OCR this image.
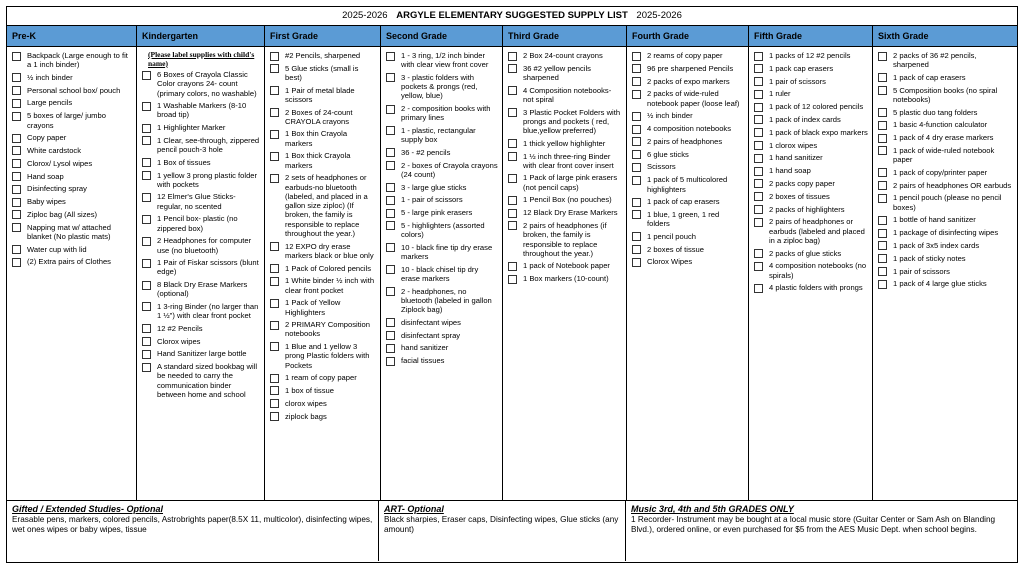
2025-2026 ARGYLE ELEMENTARY SUGGESTED SUPPLY LIST 2025-2026
Pre-K
Backpack (Large enough to fit a 1 inch binder)
½ inch binder
Personal school box/ pouch
Large pencils
5 boxes of large/ jumbo crayons
Copy paper
White cardstock
Clorox/ Lysol wipes
Hand soap
Disinfecting spray
Baby wipes
Ziploc bag (All sizes)
Napping mat w/ attached blanket (No plastic mats)
Water cup with lid
(2) Extra pairs of Clothes
Kindergarten
(Please label supplies with child's name)
6 Boxes of Crayola Classic Color crayons 24- count (primary colors, no washable)
1 Washable Markers (8-10 broad tip)
1 Highlighter Marker
1 Clear, see-through, zippered pencil pouch-3 hole
1 Box of tissues
1 yellow 3 prong plastic folder with pockets
12 Elmer's Glue Sticks-regular, no scented
1 Pencil box- plastic (no zippered box)
2 Headphones for computer use (no bluetooth)
1 Pair of Fiskar scissors (blunt edge)
8 Black Dry Erase Markers (optional)
1 3-ring Binder (no larger than 1 ½") with clear front pocket
12 #2 Pencils
Clorox wipes
Hand Sanitizer large bottle
A standard sized bookbag will be needed to carry the communication binder between home and school
First Grade
#2 Pencils, sharpened
5 Glue sticks (small is best)
1 Pair of metal blade scissors
2 Boxes of 24-count CRAYOLA crayons
1 Box thin Crayola markers
1 Box thick Crayola markers
2 sets of headphones or earbuds-no bluetooth (labeled, and placed in a gallon size ziploc) (If broken, the family is responsible to replace throughout the year.)
12 EXPO dry erase markers black or blue only
1 Pack of Colored pencils
1 White binder ½ inch with clear front pocket
1 Pack of Yellow Highlighters
2 PRIMARY Composition notebooks
1 Blue and 1 yellow 3 prong Plastic folders with Pockets
1 ream of copy paper
1 box of tissue
clorox wipes
ziplock bags
Second Grade
1 - 3 ring, 1/2 inch binder with clear view front cover
3 - plastic folders with pockets & prongs (red, yellow, blue)
2 - composition books with primary lines
1 - plastic, rectangular supply box
36 - #2 pencils
2 - boxes of Crayola crayons (24 count)
3 - large glue sticks
1 - pair of scissors
5 - large pink erasers
5 - highlighters (assorted colors)
10 - black fine tip dry erase markers
10 - black chisel tip dry erase markers
2 - headphones, no bluetooth (labeled in gallon Ziplock bag)
disinfectant wipes
disinfectant spray
hand sanitizer
facial tissues
Third Grade
2 Box 24-count crayons
36 #2 yellow pencils sharpened
4 Composition notebooks- not spiral
3 Plastic Pocket Folders with prongs and pockets ( red, blue,yellow preferred)
1 thick yellow highlighter
1 ½ inch three-ring Binder with clear front cover insert
1 Pack of large pink erasers (not pencil caps)
1 Pencil Box (no pouches)
12 Black Dry Erase Markers
2 pairs of headphones (if broken, the family is responsible to replace throughout the year.)
1 pack of Notebook paper
1 Box markers (10-count)
Fourth Grade
2 reams of copy paper
96 pre sharpened Pencils
2 packs of expo markers
2 packs of wide-ruled notebook paper (loose leaf)
½ inch binder
4 composition notebooks
2 pairs of headphones
6 glue sticks
Scissors
1 pack of 5 multicolored highlighters
1 pack of cap erasers
1 blue, 1 green, 1 red folders
1 pencil pouch
2 boxes of tissue
Clorox Wipes
Fifth Grade
1 packs of 12 #2 pencils
1 pack cap erasers
1 pair of scissors
1 ruler
1 pack of 12 colored pencils
1 pack of index cards
1 pack of black expo markers
1 clorox wipes
1 hand sanitizer
1 hand soap
2 packs copy paper
2 boxes of tissues
2 packs of highlighters
2 pairs of headphones or earbuds (labeled and placed in a ziploc bag)
2 packs of glue sticks
4 composition notebooks (no spirals)
4 plastic folders with prongs
Sixth Grade
2 packs of 36 #2 pencils, sharpened
1 pack of cap erasers
5 Composition books (no spiral notebooks)
5 plastic duo tang folders
1 basic 4-function calculator
1 pack of 4 dry erase markers
1 pack of wide-ruled notebook paper
1 pack of copy/printer paper
2 pairs of headphones OR earbuds
1 pencil pouch (please no pencil boxes)
1 bottle of hand sanitizer
1 package of disinfecting wipes
1 pack of 3x5 index cards
1 pack of sticky notes
1 pair of scissors
1 pack of 4 large glue sticks
Gifted / Extended Studies- Optional
Erasable pens, markers, colored pencils, Astrobrights paper(8.5X 11, multicolor), disinfecting wipes, wet ones wipes or baby wipes, tissue
ART- Optional
Black sharpies, Eraser caps, Disinfecting wipes, Glue sticks (any amount)
Music 3rd, 4th and 5th GRADES ONLY
1 Recorder- Instrument may be bought at a local music store (Guitar Center or Sam Ash on Blanding Blvd.), ordered online, or even purchased for $5 from the AES Music Dept. when school begins.
